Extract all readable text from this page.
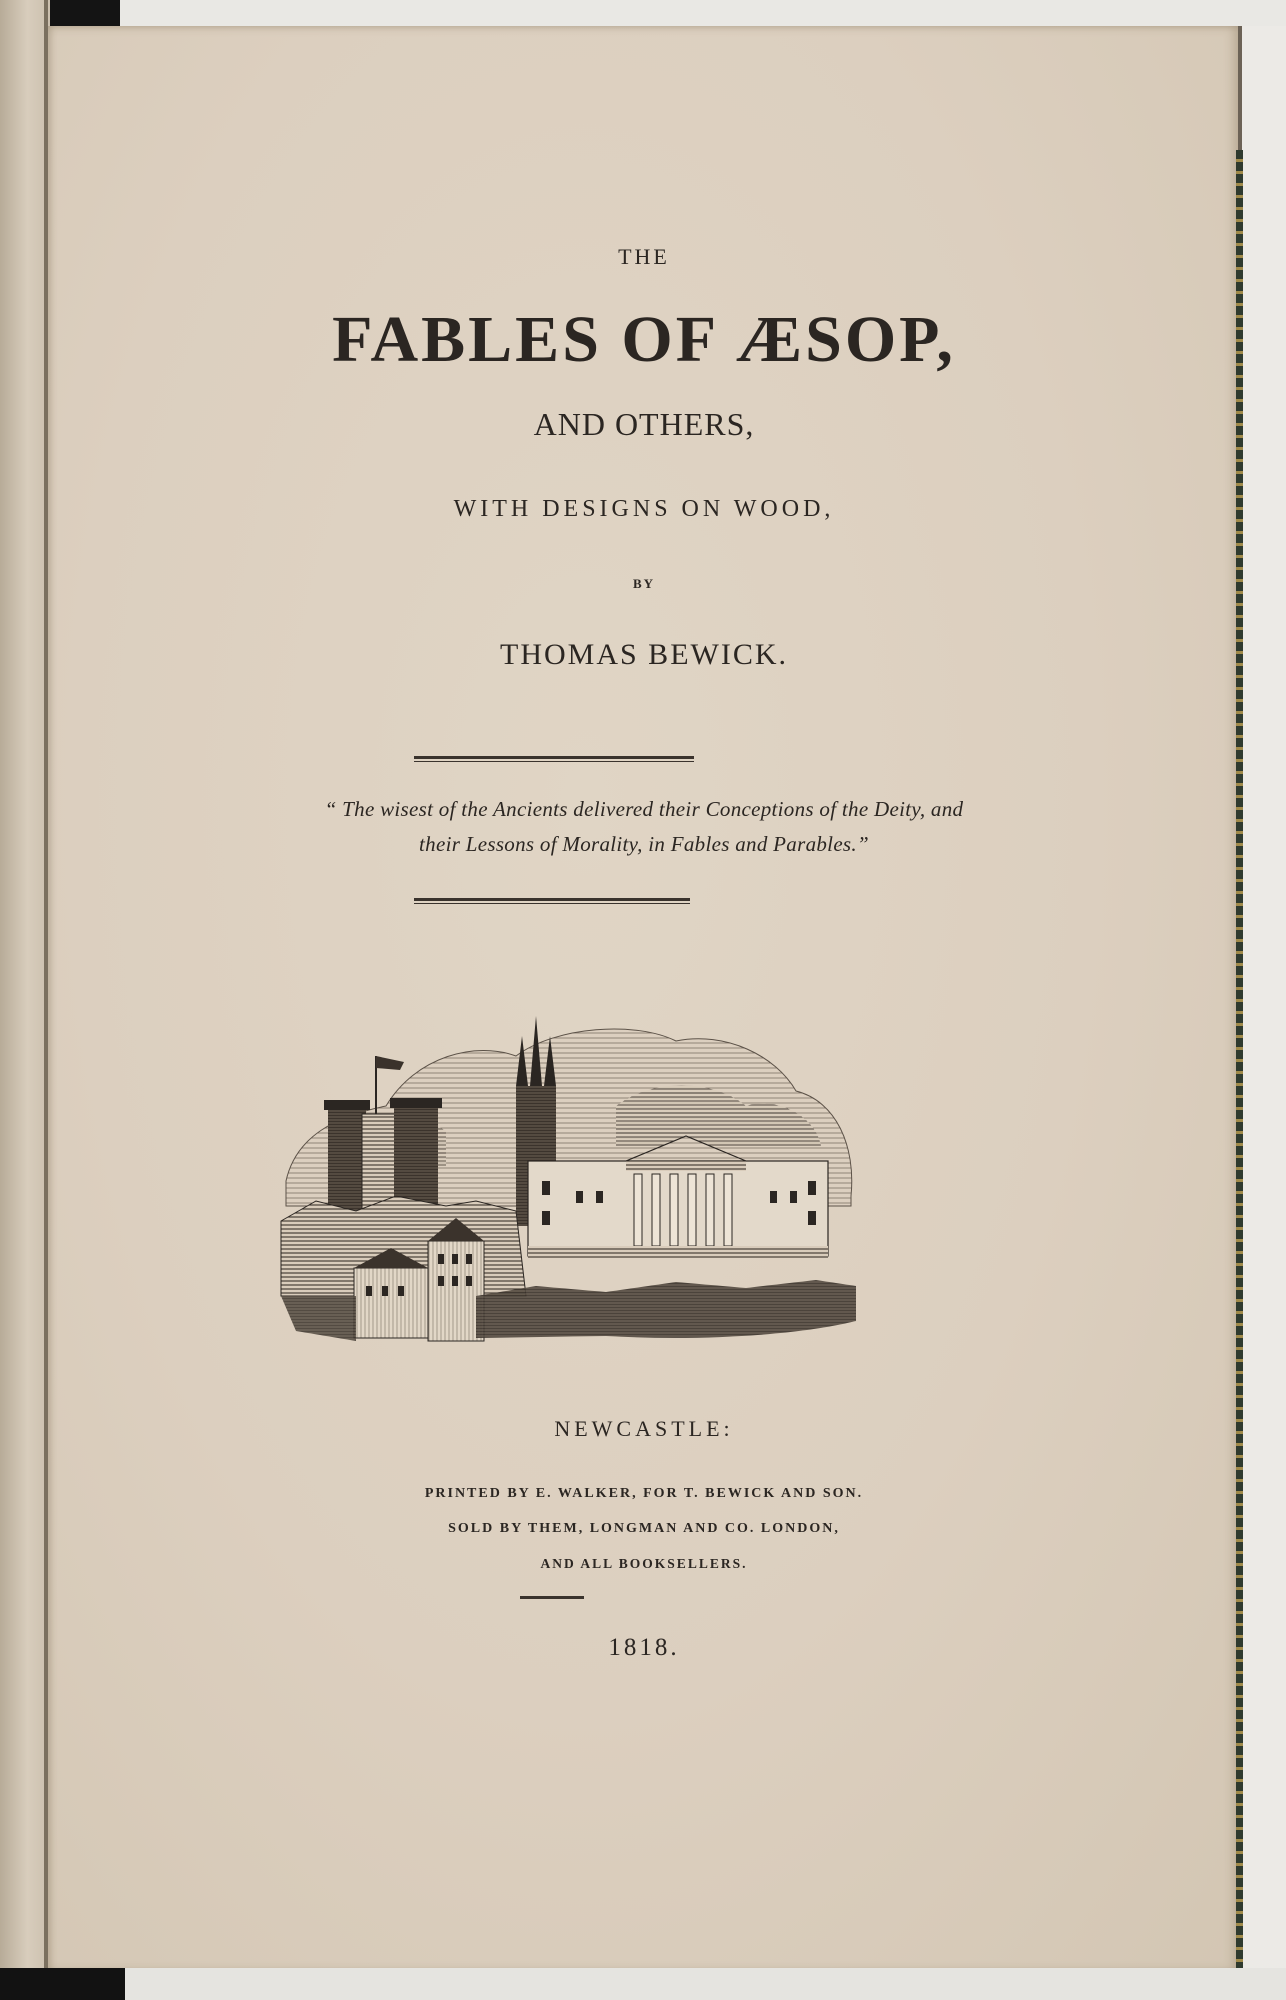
THE

FABLES OF ÆSOP,

AND OTHERS,

WITH DESIGNS ON WOOD,

BY

THOMAS BEWICK.

“ The wisest of the Ancients delivered their Conceptions of the Deity, and
their Lessons of Morality, in Fables and Parables.”

NEWCASTLE:

PRINTED BY E. WALKER, FOR T. BEWICK AND SON.

SOLD BY THEM, LONGMAN AND CO. LONDON,

AND ALL BOOKSELLERS.

1818.
